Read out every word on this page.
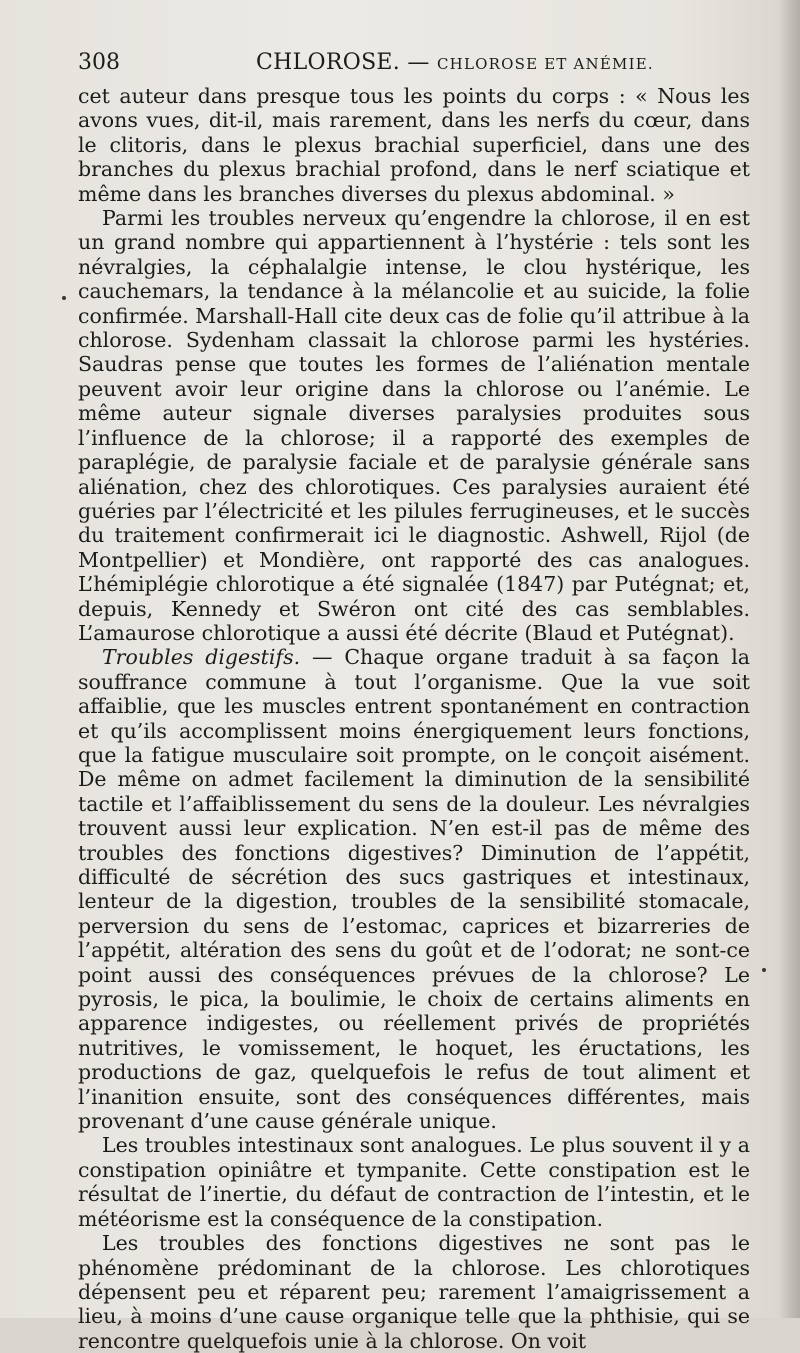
308	CHLOROSE. — CHLOROSE ET ANÉMIE.

cet auteur dans presque tous les points du corps : « Nous les avons vues, dit-il, mais rarement, dans les nerfs du cœur, dans le clitoris, dans le plexus brachial superficiel, dans une des branches du plexus brachial profond, dans le nerf sciatique et même dans les branches diverses du plexus abdominal. »

Parmi les troubles nerveux qu’engendre la chlorose, il en est un grand nombre qui appartiennent à l’hystérie : tels sont les névralgies, la céphalalgie intense, le clou hystérique, les cauchemars, la tendance à la mélancolie et au suicide, la folie confirmée. Marshall-Hall cite deux cas de folie qu’il attribue à la chlorose. Sydenham classait la chlorose parmi les hystéries. Saudras pense que toutes les formes de l’aliénation mentale peuvent avoir leur origine dans la chlorose ou l’anémie. Le même auteur signale diverses paralysies produites sous l’influence de la chlorose; il a rapporté des exemples de paraplégie, de paralysie faciale et de paralysie générale sans aliénation, chez des chlorotiques. Ces paralysies auraient été guéries par l’électricité et les pilules ferrugineuses, et le succès du traitement confirmerait ici le diagnostic. Ashwell, Rijol (de Montpellier) et Mondière, ont rapporté des cas analogues. L’hémiplégie chlorotique a été signalée (1847) par Putégnat; et, depuis, Kennedy et Swéron ont cité des cas semblables. L’amaurose chlorotique a aussi été décrite (Blaud et Putégnat).

Troubles digestifs. — Chaque organe traduit à sa façon la souffrance commune à tout l’organisme. Que la vue soit affaiblie, que les muscles entrent spontanément en contraction et qu’ils accomplissent moins énergiquement leurs fonctions, que la fatigue musculaire soit prompte, on le conçoit aisément. De même on admet facilement la diminution de la sensibilité tactile et l’affaiblissement du sens de la douleur. Les névralgies trouvent aussi leur explication. N’en est-il pas de même des troubles des fonctions digestives? Diminution de l’appétit, difficulté de sécrétion des sucs gastriques et intestinaux, lenteur de la digestion, troubles de la sensibilité stomacale, perversion du sens de l’estomac, caprices et bizarreries de l’appétit, altération des sens du goût et de l’odorat; ne sont-ce point aussi des conséquences prévues de la chlorose? Le pyrosis, le pica, la boulimie, le choix de certains aliments en apparence indigestes, ou réellement privés de propriétés nutritives, le vomissement, le hoquet, les éructations, les productions de gaz, quelquefois le refus de tout aliment et l’inanition ensuite, sont des conséquences différentes, mais provenant d’une cause générale unique.

Les troubles intestinaux sont analogues. Le plus souvent il y a constipation opiniâtre et tympanite. Cette constipation est le résultat de l’inertie, du défaut de contraction de l’intestin, et le météorisme est la conséquence de la constipation.

Les troubles des fonctions digestives ne sont pas le phénomène prédominant de la chlorose. Les chlorotiques dépensent peu et réparent peu; rarement l’amaigrissement a lieu, à moins d’une cause organique telle que la phthisie, qui se rencontre quelquefois unie à la chlorose. On voit
